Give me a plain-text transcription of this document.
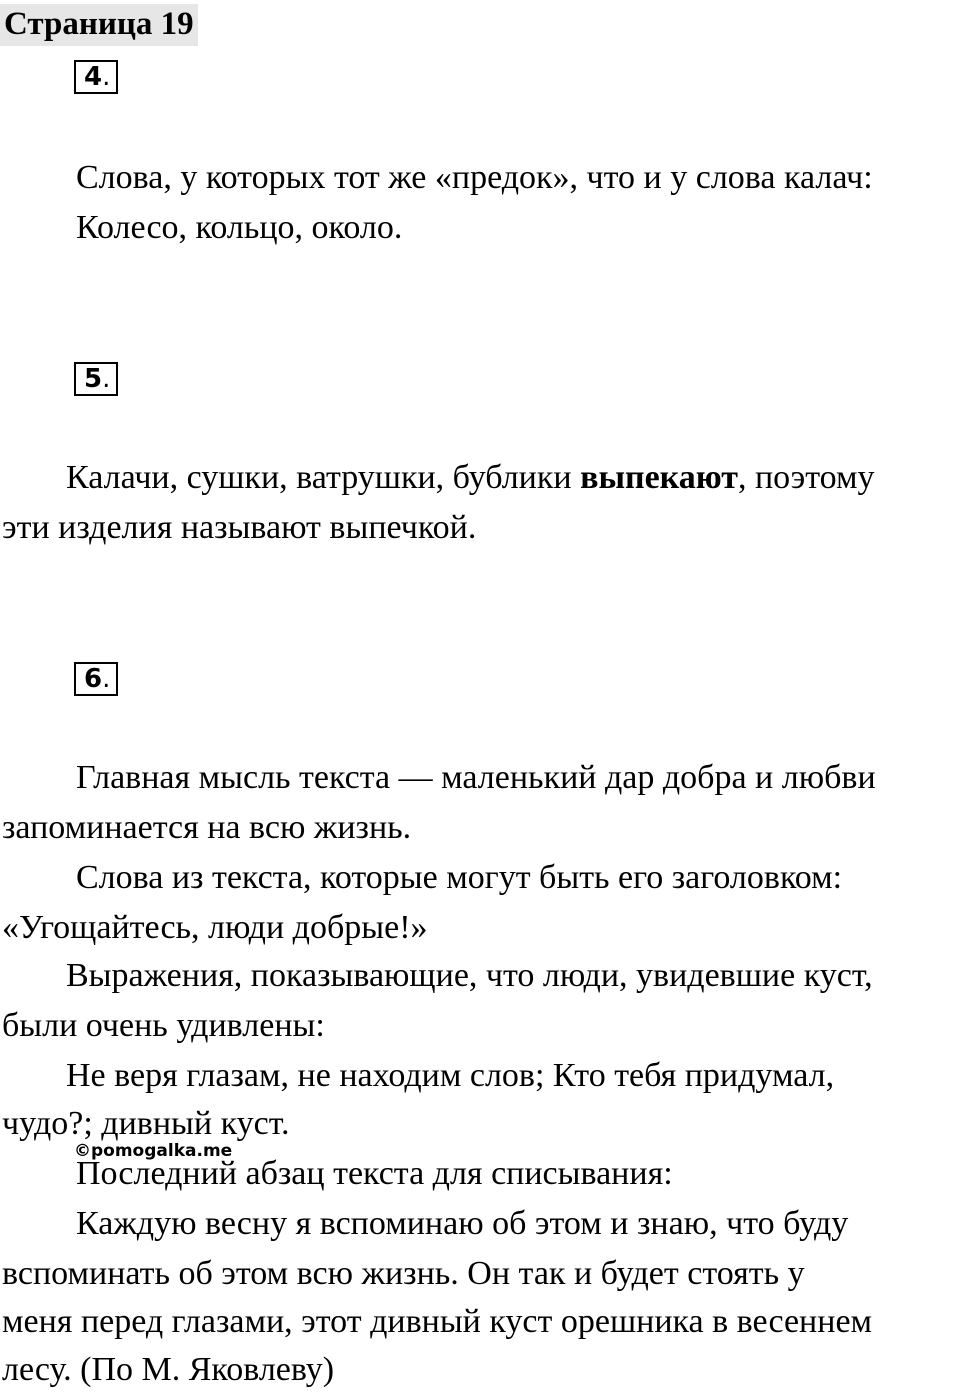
Страница 19
4.
Слова, у которых тот же «предок», что и у слова калач:
Колесо, кольцо, около.
5.
Калачи, сушки, ватрушки, бублики выпекают, поэтому
эти изделия называют выпечкой.
6.
Главная мысль текста — маленький дар добра и любви
запоминается на всю жизнь.
Слова из текста, которые могут быть его заголовком:
«Угощайтесь, люди добрые!»
Выражения, показывающие, что люди, увидевшие куст,
были очень удивлены:
Не веря глазам, не находим слов; Кто тебя придумал,
чудо?; дивный куст.
©pomogalka.me
Последний абзац текста для списывания:
Каждую весну я вспоминаю об этом и знаю, что буду
вспоминать об этом всю жизнь. Он так и будет стоять у
меня перед глазами, этот дивный куст орешника в весеннем
лесу. (По М. Яковлеву)
